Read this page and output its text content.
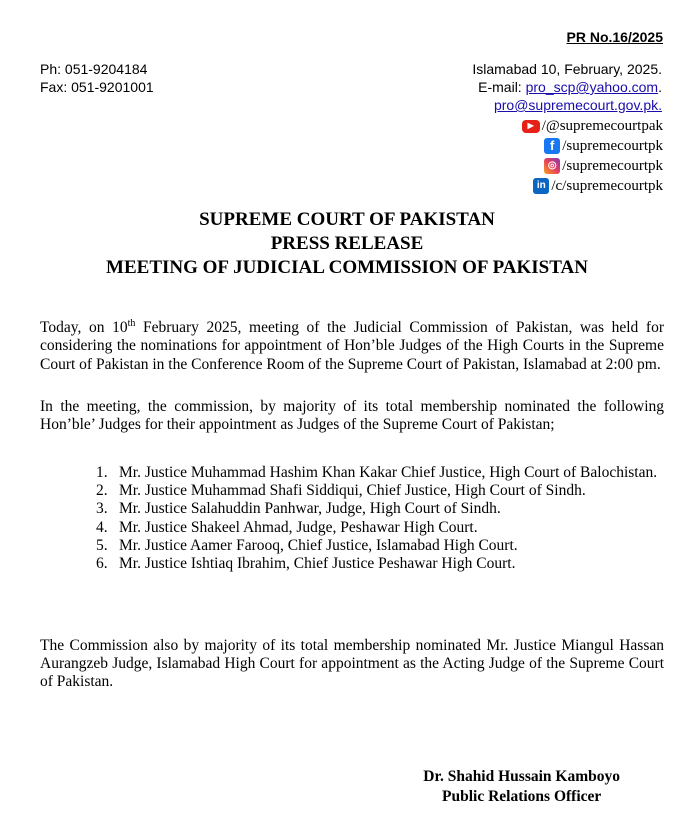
PR No.16/2025
Ph: 051-9204184
Fax: 051-9201001
Islamabad 10, February, 2025.
E-mail: pro_scp@yahoo.com.
pro@supremecourt.gov.pk.
▶ /@supremecourtpak
f /supremecourtpk
◎ /supremecourtpk
in /c/supremecourtpk
SUPREME COURT OF PAKISTAN
PRESS RELEASE
MEETING OF JUDICIAL COMMISSION OF PAKISTAN
Today, on 10th February 2025, meeting of the Judicial Commission of Pakistan, was held for considering the nominations for appointment of Hon’ble Judges of the High Courts in the Supreme Court of Pakistan in the Conference Room of the Supreme Court of Pakistan, Islamabad at 2:00 pm.
In the meeting, the commission, by majority of its total membership nominated the following Hon’ble’ Judges for their appointment as Judges of the Supreme Court of Pakistan;
1. Mr. Justice Muhammad Hashim Khan Kakar Chief Justice, High Court of Balochistan.
2. Mr. Justice Muhammad Shafi Siddiqui, Chief Justice, High Court of Sindh.
3. Mr. Justice Salahuddin Panhwar, Judge, High Court of Sindh.
4. Mr. Justice Shakeel Ahmad, Judge, Peshawar High Court.
5. Mr. Justice Aamer Farooq, Chief Justice, Islamabad High Court.
6. Mr. Justice Ishtiaq Ibrahim, Chief Justice Peshawar High Court.
The Commission also by majority of its total membership nominated Mr. Justice Miangul Hassan Aurangzeb Judge, Islamabad High Court for appointment as the Acting Judge of the Supreme Court of Pakistan.
Dr. Shahid Hussain Kamboyo
Public Relations Officer
